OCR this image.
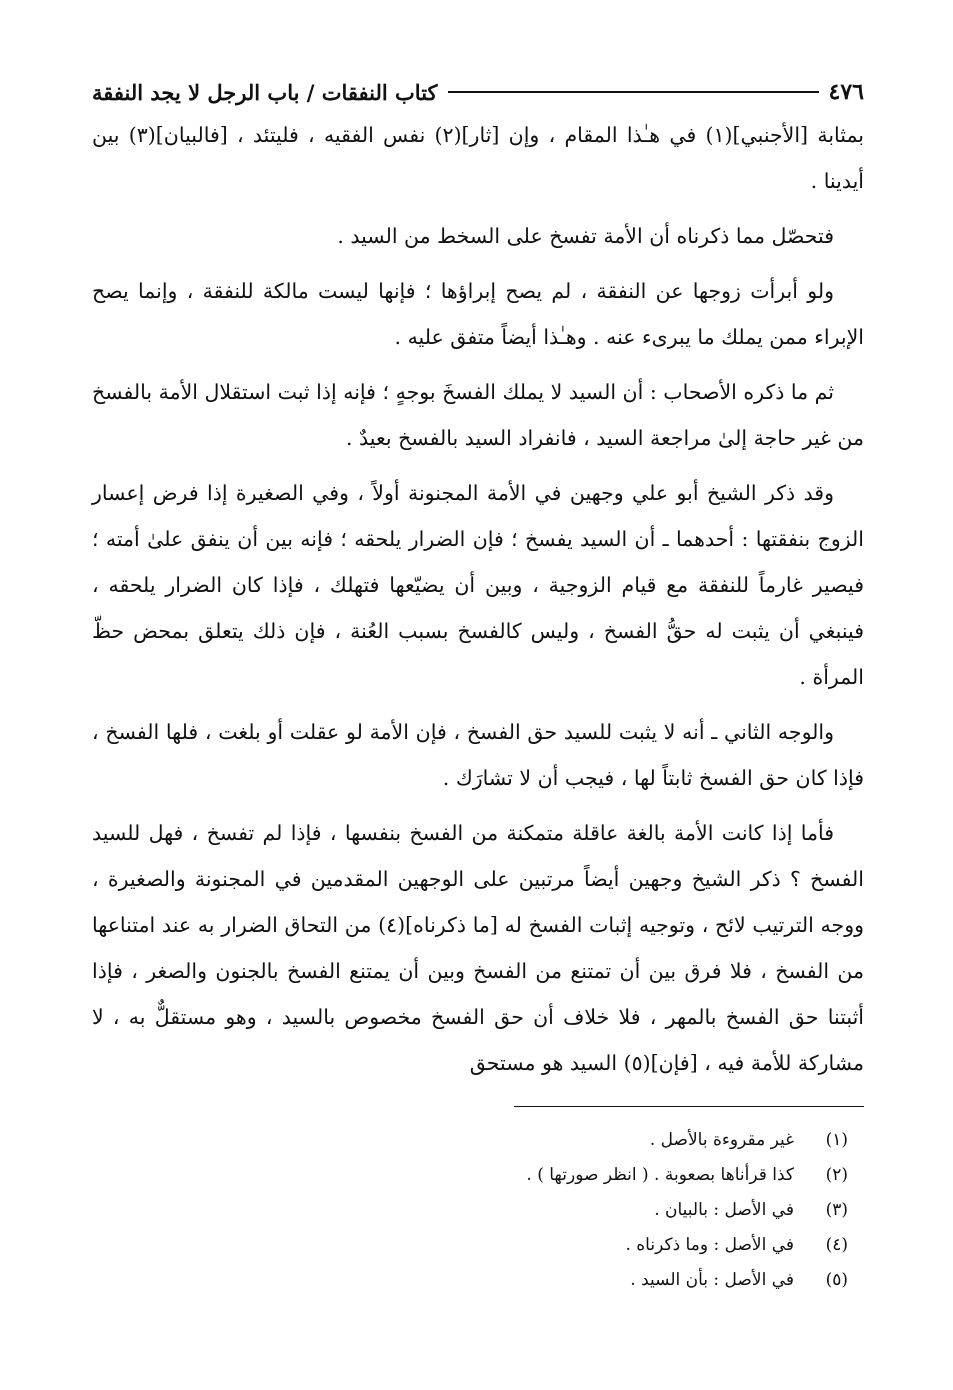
٤٧٦
كتاب النفقات / باب الرجل لا يجد النفقة

بمثابة [الأجنبي](١) في هـٰذا المقام ، وإن [ثار](٢) نفس الفقيه ، فليتئد ، [فالبيان](٣) بين أيدينا .

فتحصّل مما ذكرناه أن الأمة تفسخ على السخط من السيد .

ولو أبرأت زوجها عن النفقة ، لم يصح إبراؤها ؛ فإنها ليست مالكة للنفقة ، وإنما يصح الإبراء ممن يملك ما يبرىء عنه . وهـٰذا أيضاً متفق عليه .

ثم ما ذكره الأصحاب : أن السيد لا يملك الفسخَ بوجهٍ ؛ فإنه إذا ثبت استقلال الأمة بالفسخ من غير حاجة إلىٰ مراجعة السيد ، فانفراد السيد بالفسخ بعيدٌ .

وقد ذكر الشيخ أبو علي وجهين في الأمة المجنونة أولاً ، وفي الصغيرة إذا فرض إعسار الزوج بنفقتها : أحدهما ـ أن السيد يفسخ ؛ فإن الضرار يلحقه ؛ فإنه بين أن ينفق علىٰ أمته ؛ فيصير غارماً للنفقة مع قيام الزوجية ، وبين أن يضيّعها فتهلك ، فإذا كان الضرار يلحقه ، فينبغي أن يثبت له حقُّ الفسخ ، وليس كالفسخ بسبب العُنة ، فإن ذلك يتعلق بمحض حظّ المرأة .

والوجه الثاني ـ أنه لا يثبت للسيد حق الفسخ ، فإن الأمة لو عقلت أو بلغت ، فلها الفسخ ، فإذا كان حق الفسخ ثابتاً لها ، فيجب أن لا تشارَك .

فأما إذا كانت الأمة بالغة عاقلة متمكنة من الفسخ بنفسها ، فإذا لم تفسخ ، فهل للسيد الفسخ ؟ ذكر الشيخ وجهين أيضاً مرتبين على الوجهين المقدمين في المجنونة والصغيرة ، ووجه الترتيب لائح ، وتوجيه إثبات الفسخ له [ما ذكرناه](٤) من التحاق الضرار به عند امتناعها من الفسخ ، فلا فرق بين أن تمتنع من الفسخ وبين أن يمتنع الفسخ بالجنون والصغر ، فإذا أثبتنا حق الفسخ بالمهر ، فلا خلاف أن حق الفسخ مخصوص بالسيد ، وهو مستقلٌّ به ، لا مشاركة للأمة فيه ، [فإن](٥) السيد هو مستحق

(١)
غير مقروءة بالأصل .
(٢)
كذا قرأناها بصعوبة . ( انظر صورتها ) .
(٣)
في الأصل : بالبيان .
(٤)
في الأصل : وما ذكرناه .
(٥)
في الأصل : بأن السيد .
